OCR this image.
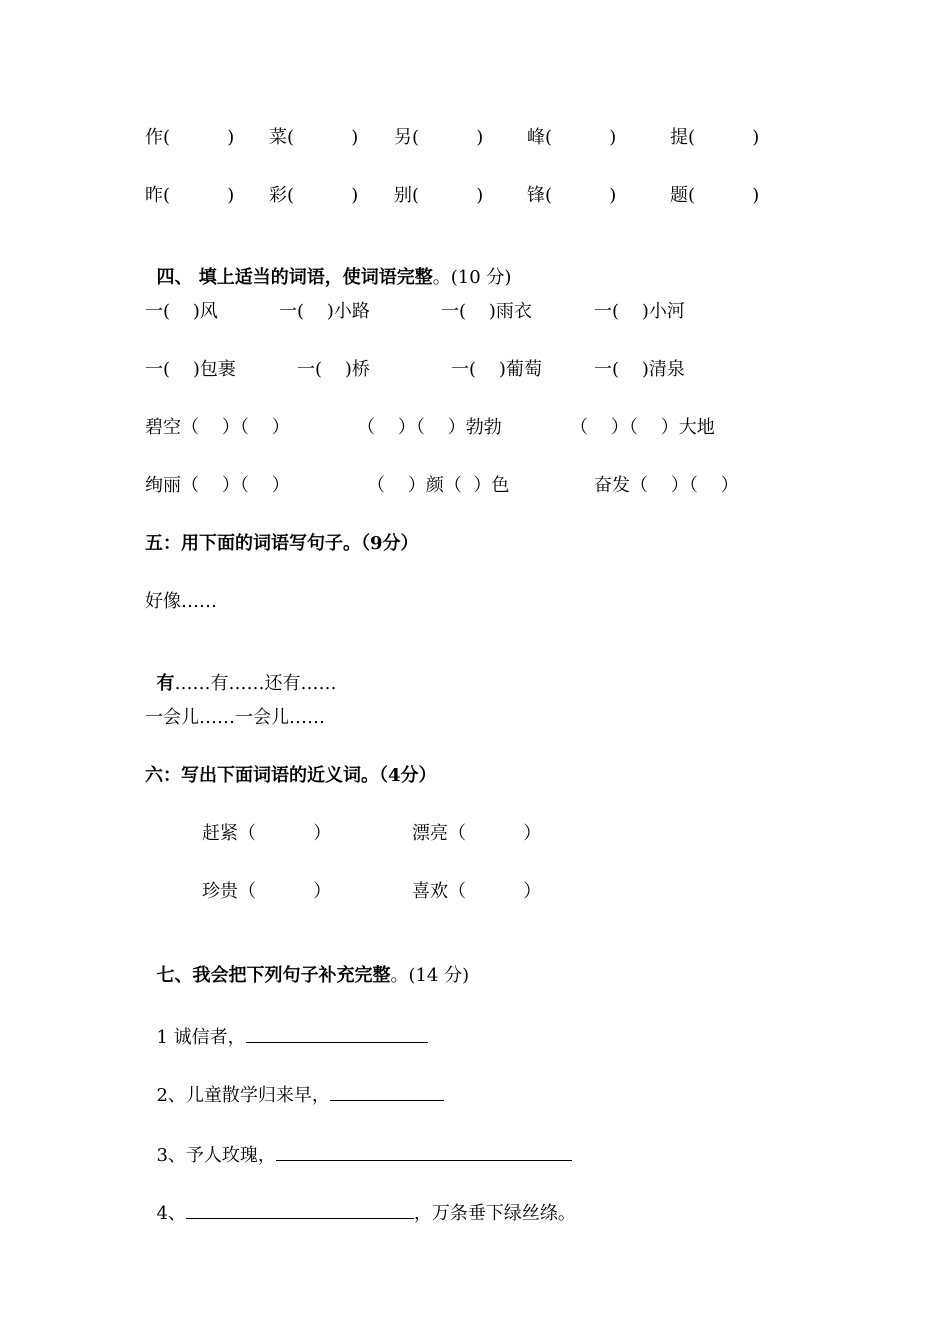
作(          ) 菜(          ) 另(          ) 峰(          )	提(          )
昨(          ) 彩(          ) 别(          ) 锋(          )	题(          )

四、 填上适当的词语，使词语完整。(10 分)

一(    )风	一(    )小路	一(    )雨衣	一(    )小河
一(    )包裹	一(    )桥	一(    )葡萄	一(    )清泉
碧空（    ）（    ）	（    ）（    ）勃勃	（    ）（    ）大地
绚丽（    ）（    ）	（    ）颜（  ）色	奋发（    ）（    ）
五：用下面的词语写句子。（9分）
好像……

有……有……还有……

一会儿……一会儿……
六：写出下面词语的近义词。（4分）
赶紧（          ）	漂亮（          ）
珍贵（          ）	喜欢（          ）

七、我会把下列句子补充完整。(14 分)

1 诚信者，

2、儿童散学归来早，

3、予人玫瑰，

4、	，万条垂下绿丝绦。
